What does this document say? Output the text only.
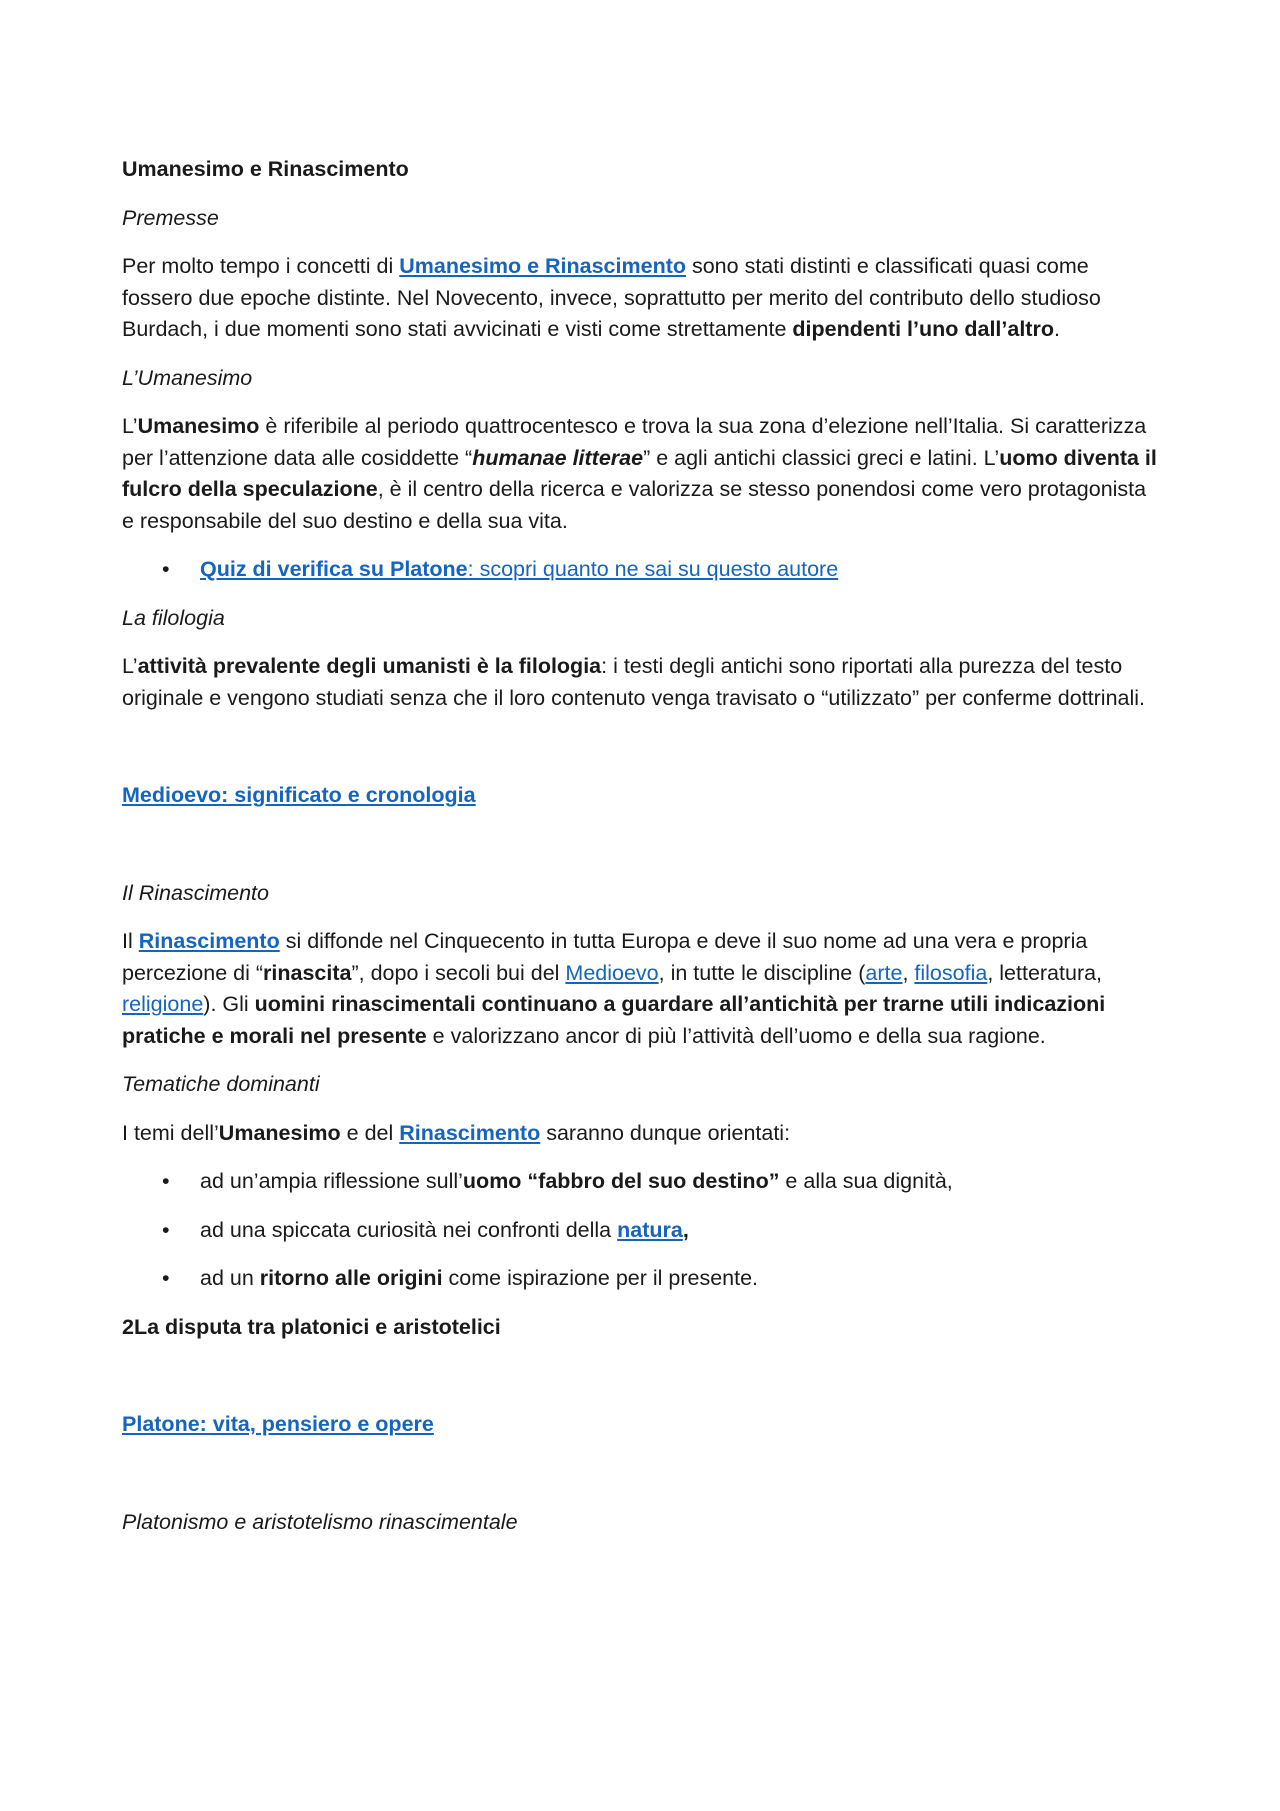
Umanesimo e Rinascimento
Premesse
Per molto tempo i concetti di Umanesimo e Rinascimento sono stati distinti e classificati quasi come fossero due epoche distinte. Nel Novecento, invece, soprattutto per merito del contributo dello studioso Burdach, i due momenti sono stati avvicinati e visti come strettamente dipendenti l’uno dall’altro.
L’Umanesimo
L’Umanesimo è riferibile al periodo quattrocentesco e trova la sua zona d’elezione nell’Italia. Si caratterizza per l’attenzione data alle cosiddette “humanae litterae” e agli antichi classici greci e latini. L’uomo diventa il fulcro della speculazione, è il centro della ricerca e valorizza se stesso ponendosi come vero protagonista e responsabile del suo destino e della sua vita.
• Quiz di verifica su Platone: scopri quanto ne sai su questo autore
La filologia
L’attività prevalente degli umanisti è la filologia: i testi degli antichi sono riportati alla purezza del testo originale e vengono studiati senza che il loro contenuto venga travisato o “utilizzato” per conferme dottrinali.
Medioevo: significato e cronologia
Il Rinascimento
Il Rinascimento si diffonde nel Cinquecento in tutta Europa e deve il suo nome ad una vera e propria percezione di “rinascita”, dopo i secoli bui del Medioevo, in tutte le discipline (arte, filosofia, letteratura, religione). Gli uomini rinascimentali continuano a guardare all’antichità per trarne utili indicazioni pratiche e morali nel presente e valorizzano ancor di più l’attività dell’uomo e della sua ragione.
Tematiche dominanti
I temi dell’Umanesimo e del Rinascimento saranno dunque orientati:
• ad un’ampia riflessione sull’uomo “fabbro del suo destino” e alla sua dignità,
• ad una spiccata curiosità nei confronti della natura,
• ad un ritorno alle origini come ispirazione per il presente.
2La disputa tra platonici e aristotelici
Platone: vita, pensiero e opere
Platonismo e aristotelismo rinascimentale
